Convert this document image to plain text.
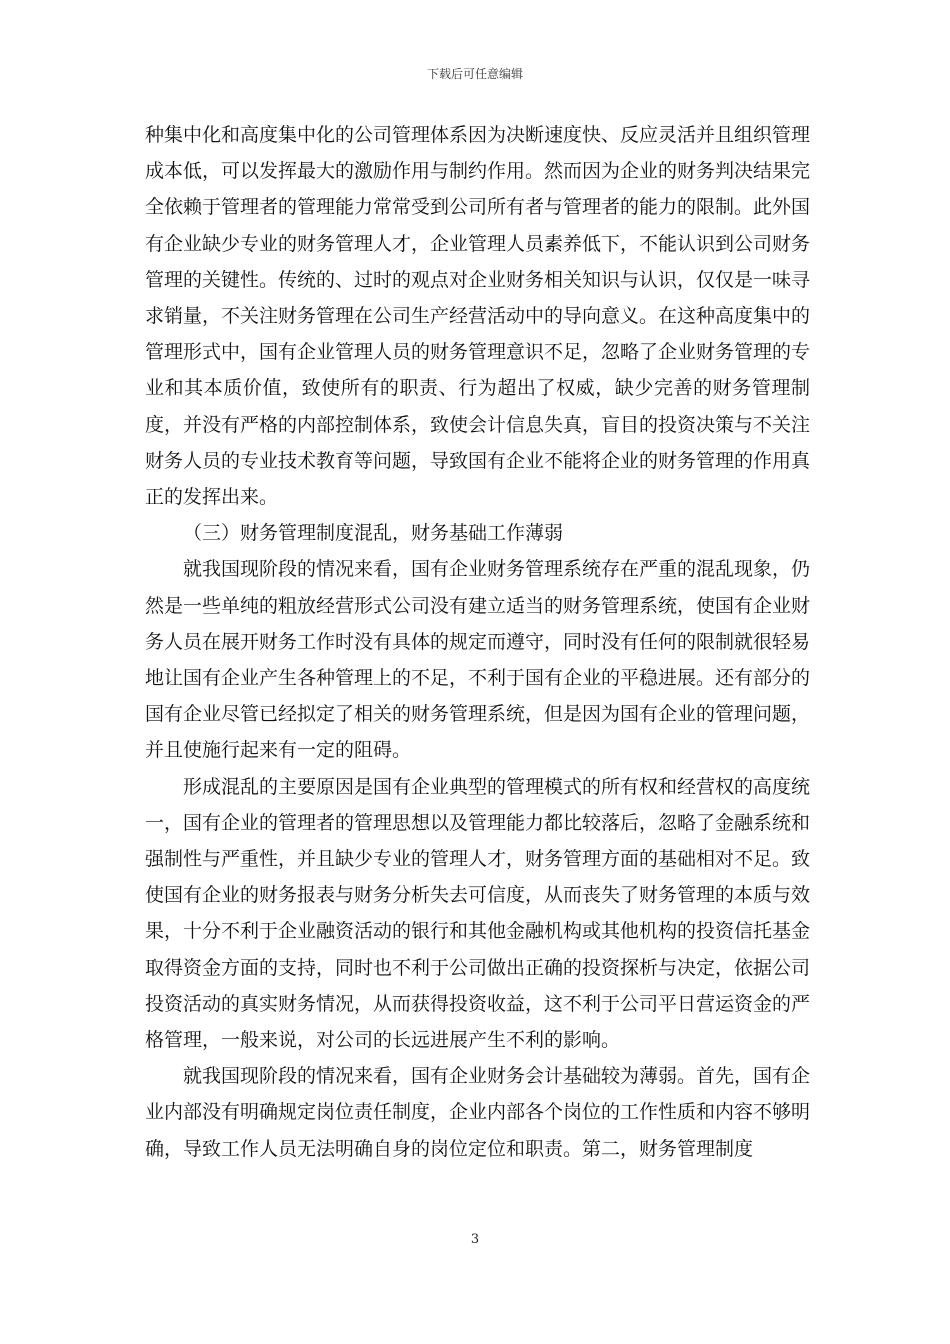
下载后可任意编辑

种集中化和高度集中化的公司管理体系因为决断速度快、反应灵活并且组织管理成本低，可以发挥最大的激励作用与制约作用。然而因为企业的财务判决结果完全依赖于管理者的管理能力常常受到公司所有者与管理者的能力的限制。此外国有企业缺少专业的财务管理人才，企业管理人员素养低下，不能认识到公司财务管理的关键性。传统的、过时的观点对企业财务相关知识与认识，仅仅是一味寻求销量，不关注财务管理在公司生产经营活动中的导向意义。在这种高度集中的管理形式中，国有企业管理人员的财务管理意识不足，忽略了企业财务管理的专业和其本质价值，致使所有的职责、行为超出了权威，缺少完善的财务管理制度，并没有严格的内部控制体系，致使会计信息失真，盲目的投资决策与不关注财务人员的专业技术教育等问题，导致国有企业不能将企业的财务管理的作用真正的发挥出来。

（三）财务管理制度混乱，财务基础工作薄弱

就我国现阶段的情况来看，国有企业财务管理系统存在严重的混乱现象，仍然是一些单纯的粗放经营形式公司没有建立适当的财务管理系统，使国有企业财务人员在展开财务工作时没有具体的规定而遵守，同时没有任何的限制就很轻易地让国有企业产生各种管理上的不足，不利于国有企业的平稳进展。还有部分的国有企业尽管已经拟定了相关的财务管理系统，但是因为国有企业的管理问题，并且使施行起来有一定的阻碍。

形成混乱的主要原因是国有企业典型的管理模式的所有权和经营权的高度统一，国有企业的管理者的管理思想以及管理能力都比较落后，忽略了金融系统和强制性与严重性，并且缺少专业的管理人才，财务管理方面的基础相对不足。致使国有企业的财务报表与财务分析失去可信度，从而丧失了财务管理的本质与效果，十分不利于企业融资活动的银行和其他金融机构或其他机构的投资信托基金取得资金方面的支持，同时也不利于公司做出正确的投资探析与决定，依据公司投资活动的真实财务情况，从而获得投资收益，这不利于公司平日营运资金的严格管理，一般来说，对公司的长远进展产生不利的影响。

就我国现阶段的情况来看，国有企业财务会计基础较为薄弱。首先，国有企业内部没有明确规定岗位责任制度，企业内部各个岗位的工作性质和内容不够明确，导致工作人员无法明确自身的岗位定位和职责。第二，财务管理制度

3
